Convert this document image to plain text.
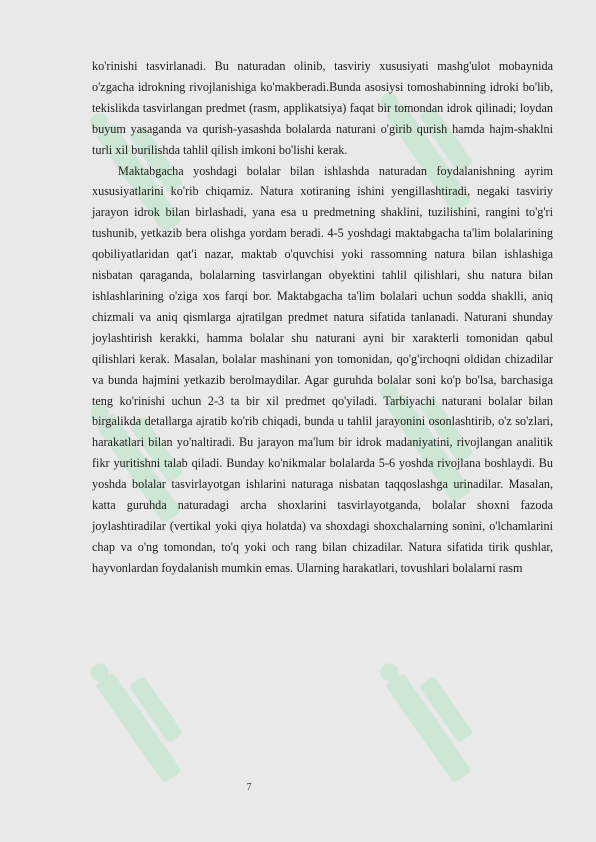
ko'rinishi tasvirlanadi. Bu naturadan olinib, tasviriy xususiyati mashg'ulot mobaynida o'zgacha idrokning rivojlanishiga ko'makberadi.Bunda asosiysi tomoshabinning idroki bo'lib, tekislikda tasvirlangan predmet (rasm, applikatsiya) faqat bir tomondan idrok qilinadi; loydan buyum yasaganda va qurish-yasashda bolalarda naturani o'girib qurish hamda hajm-shaklni turli xil burilishda tahlil qilish imkoni bo'lishi kerak.

Maktabgacha yoshdagi bolalar bilan ishlashda naturadan foydalanishning ayrim xususiyatlarini ko'rib chiqamiz. Natura xotiraning ishini yengillashtiradi, negaki tasviriy jarayon idrok bilan birlashadi, yana esa u predmetning shaklini, tuzilishini, rangini to'g'ri tushunib, yetkazib bera olishga yordam beradi. 4-5 yoshdagi maktabgacha ta'lim bolalarining qobiliyatlaridan qat'i nazar, maktab o'quvchisi yoki rassomning natura bilan ishlashiga nisbatan qaraganda, bolalarning tasvirlangan obyektini tahlil qilishlari, shu natura bilan ishlashlarining o'ziga xos farqi bor. Maktabgacha ta'lim bolalari uchun sodda shaklli, aniq chizmali va aniq qismlarga ajratilgan predmet natura sifatida tanlanadi. Naturani shunday joylashtirish kerakki, hamma bolalar shu naturani ayni bir xarakterli tomonidan qabul qilishlari kerak. Masalan, bolalar mashinani yon tomonidan, qo'g'irchoqni oldidan chizadilar va bunda hajmini yetkazib berolmaydilar. Agar guruhda bolalar soni ko'p bo'lsa, barchasiga teng ko'rinishi uchun 2-3 ta bir xil predmet qo'yiladi. Tarbiyachi naturani bolalar bilan birgalikda detallarga ajratib ko'rib chiqadi, bunda u tahlil jarayonini osonlashtirib, o'z so'zlari, harakatlari bilan yo'naltiradi. Bu jarayon ma'lum bir idrok madaniyatini, rivojlangan analitik fikr yuritishni talab qiladi. Bunday ko'nikmalar bolalarda 5-6 yoshda rivojlana boshlaydi. Bu yoshda bolalar tasvirlayotgan ishlarini naturaga nisbatan taqqoslashga urinadilar. Masalan, katta guruhda naturadagi archa shoxlarini tasvirlayotganda, bolalar shoxni fazoda joylashtiradilar (vertikal yoki qiya holatda) va shoxdagi shoxchalarning sonini, o'lchamlarini chap va o'ng tomondan, to'q yoki och rang bilan chizadilar. Natura sifatida tirik qushlar, hayvonlardan foydalanish mumkin emas. Ularning harakatlari, tovushlari bolalarni rasm

7
